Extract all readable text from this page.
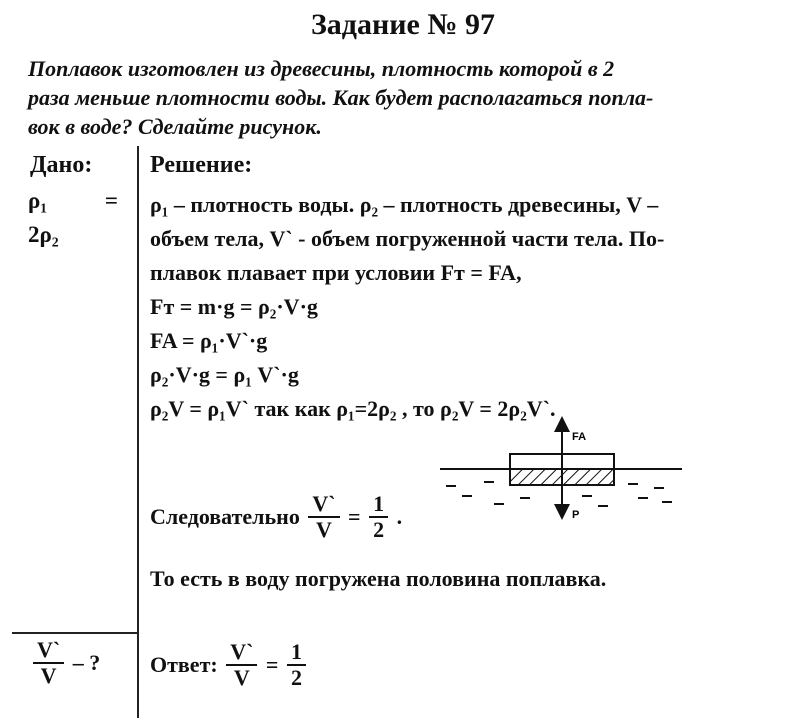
Задание № 97
Поплавок изготовлен из древесины, плотность которой в 2
раза меньше плотности воды. Как будет располагаться попла-
вок в воде? Сделайте рисунок.
Дано:
ρ₁	=
2ρ₂
Решение:
ρ₁ – плотность воды. ρ₂ – плотность древесины, V –
объем тела, V` - объем погруженной части тела. По-
плавок плавает при условии Fт = FA,
Fт = m·g = ρ₂·V·g
FA = ρ₁·V`·g
ρ₂·V·g = ρ₁ V`·g
ρ₂V = ρ₁V` так как ρ₁=2ρ₂ , то ρ₂V = 2ρ₂V`.
FA
P
Следовательно $\frac{V`}{V} = \frac{1}{2}$ .
То есть в воду погружена половина поплавка.
$\frac{V`}{V}$ – ? Ответ: $\frac{V`}{V} = \frac{1}{2}$
